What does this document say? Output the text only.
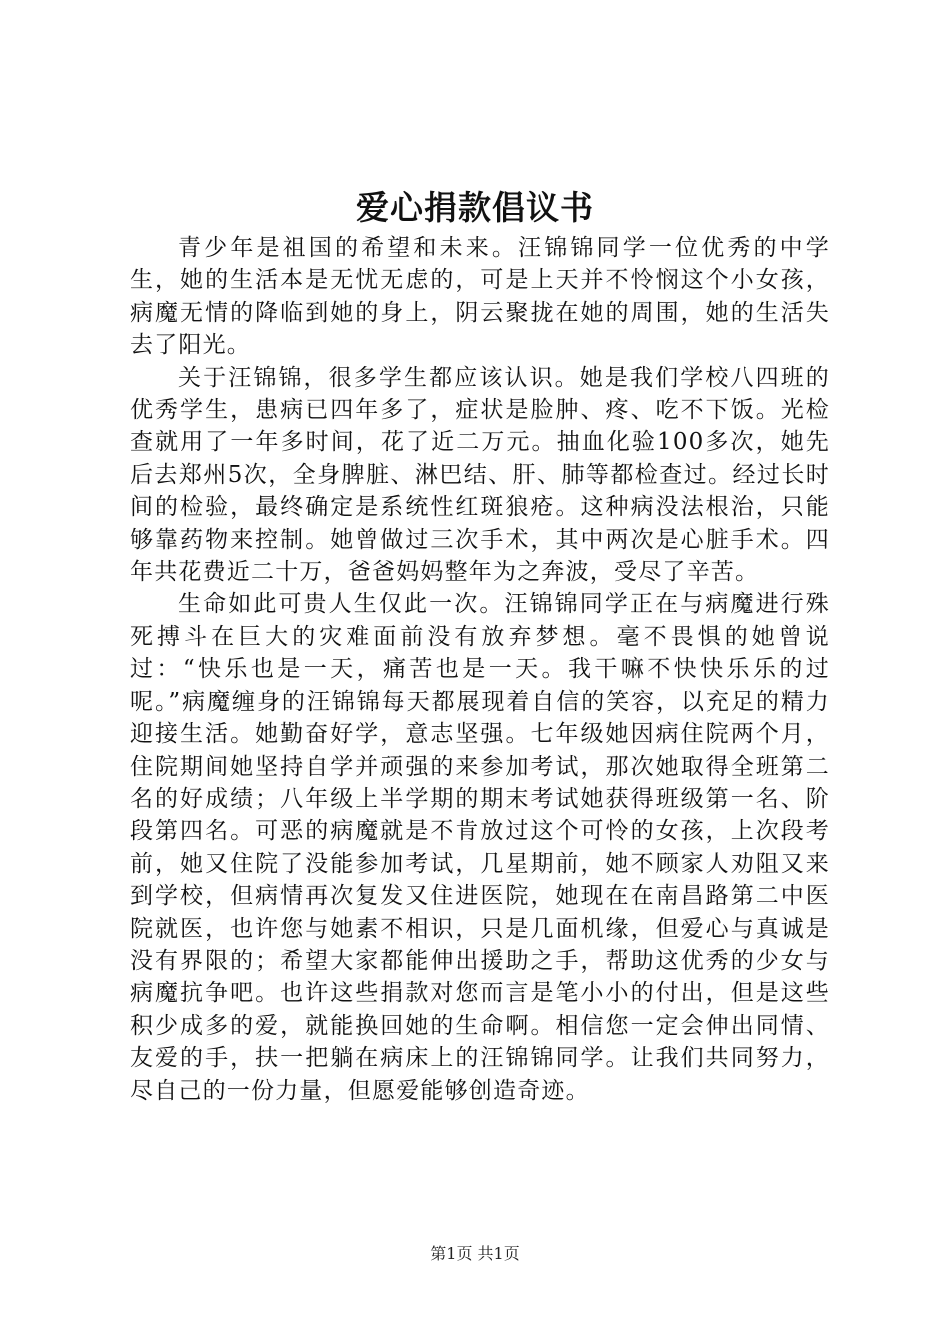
爱心捐款倡议书

青少年是祖国的希望和未来。汪锦锦同学一位优秀的中学生，她的生活本是无忧无虑的，可是上天并不怜悯这个小女孩，病魔无情的降临到她的身上，阴云聚拢在她的周围，她的生活失去了阳光。

关于汪锦锦，很多学生都应该认识。她是我们学校八四班的优秀学生，患病已四年多了，症状是脸肿、疼、吃不下饭。光检查就用了一年多时间，花了近二万元。抽血化验100多次，她先后去郑州5次，全身脾脏、淋巴结、肝、肺等都检查过。经过长时间的检验，最终确定是系统性红斑狼疮。这种病没法根治，只能够靠药物来控制。她曾做过三次手术，其中两次是心脏手术。四年共花费近二十万，爸爸妈妈整年为之奔波，受尽了辛苦。

生命如此可贵人生仅此一次。汪锦锦同学正在与病魔进行殊死搏斗在巨大的灾难面前没有放弃梦想。毫不畏惧的她曾说过：“快乐也是一天，痛苦也是一天。我干嘛不快快乐乐的过呢。”病魔缠身的汪锦锦每天都展现着自信的笑容，以充足的精力迎接生活。她勤奋好学，意志坚强。七年级她因病住院两个月，住院期间她坚持自学并顽强的来参加考试，那次她取得全班第二名的好成绩；八年级上半学期的期末考试她获得班级第一名、阶段第四名。可恶的病魔就是不肯放过这个可怜的女孩，上次段考前，她又住院了没能参加考试，几星期前，她不顾家人劝阻又来到学校，但病情再次复发又住进医院，她现在在南昌路第二中医院就医，也许您与她素不相识，只是几面机缘，但爱心与真诚是没有界限的；希望大家都能伸出援助之手，帮助这优秀的少女与病魔抗争吧。也许这些捐款对您而言是笔小小的付出，但是这些积少成多的爱，就能换回她的生命啊。相信您一定会伸出同情、友爱的手，扶一把躺在病床上的汪锦锦同学。让我们共同努力，尽自己的一份力量，但愿爱能够创造奇迹。

第1页 共1页
